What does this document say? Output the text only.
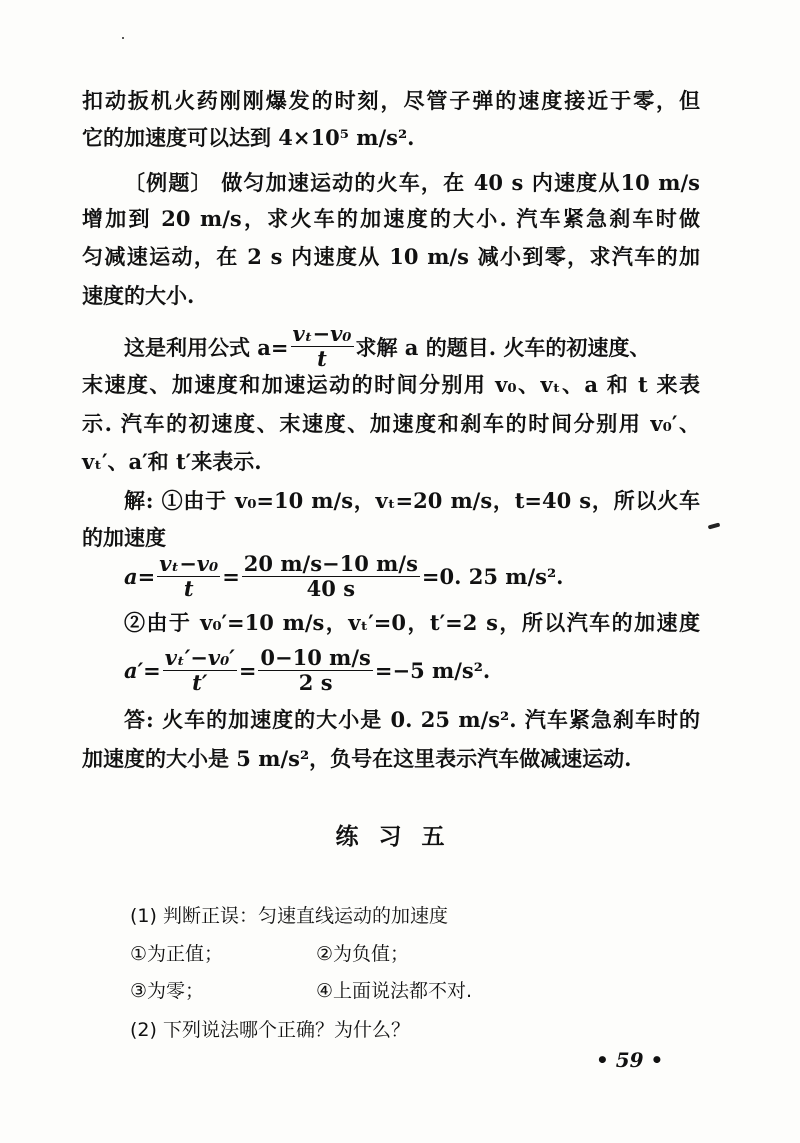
扣动扳机火药刚刚爆发的时刻，尽管子弹的速度接近于零，但
它的加速度可以达到 4×10⁵ m/s².
〔例题〕 做匀加速运动的火车，在 40 s 内速度从10 m/s
增加到 20 m/s，求火车的加速度的大小. 汽车紧急刹车时做
匀减速运动，在 2 s 内速度从 10 m/s 减小到零，求汽车的加
速度的大小.
这是利用公式 $a= \frac{\text{vₜ−v₀}}{t}$ 求解 a 的题目. 火车的初速度、
末速度、加速度和加速运动的时间分别用 v₀、vₜ、a 和 t 来表
示. 汽车的初速度、末速度、加速度和刹车的时间分别用 v₀′、
vₜ′、a′和 t′来表示.
解: ①由于 v₀=10 m/s，vₜ=20 m/s，t=40 s，所以火车
的加速度
$a= \frac{\text{vₜ−v₀}}{t} = \frac{20 m/s-10 m/s}{40 s} =0$. 25 m/s².
②由于 v₀′=10 m/s，vₜ′=0，t′=2 s，所以汽车的加速度
$a'= \frac{\text{vₜ′−v₀′}}{t'} = \frac{0-10 m/s}{2 s} =-5$ m/s².
答: 火车的加速度的大小是 0. 25 m/s². 汽车紧急刹车时的
加速度的大小是 5 m/s²，负号在这里表示汽车做减速运动.
练习五
(1) 判断正误：匀速直线运动的加速度
①为正值；	②为负值；
③为零；	④上面说法都不对.
(2) 下列说法哪个正确？为什么？
• 59 •
